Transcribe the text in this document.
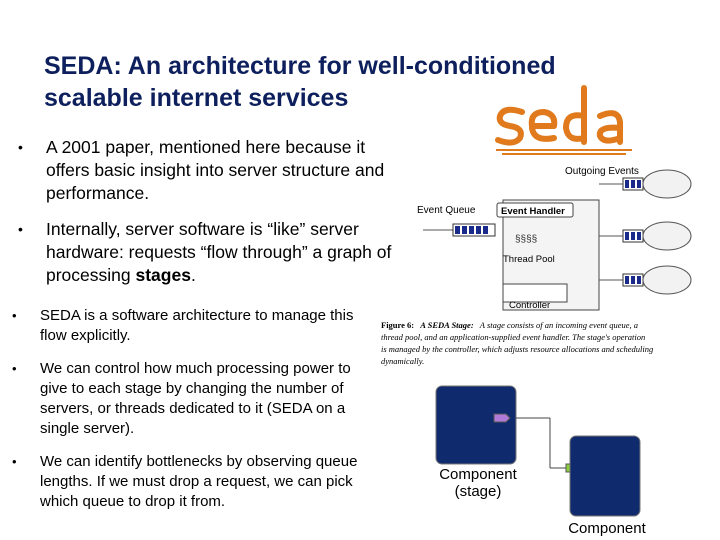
SEDA: An architecture for well-conditioned
scalable internet services
• A 2001 paper, mentioned here because it offers basic insight into server structure and performance.
• Internally, server software is “like” server hardware: requests “flow through” a graph of processing stages.
• SEDA is a software architecture to manage this flow explicitly.
• We can control how much processing power to give to each stage by changing the number of servers, or threads dedicated to it (SEDA on a single server).
• We can identify bottlenecks by observing queue lengths. If we must drop a request, we can pick which queue to drop it from.
Outgoing Events
Event Queue	Event Handler
§§§§
Thread Pool
Controller
Figure 6: A SEDA Stage: A stage consists of an incoming event queue, a
thread pool, and an application-supplied event handler. The stage's operation
is managed by the controller, which adjusts resource allocations and scheduling
dynamically.
Component
(stage)
Component
